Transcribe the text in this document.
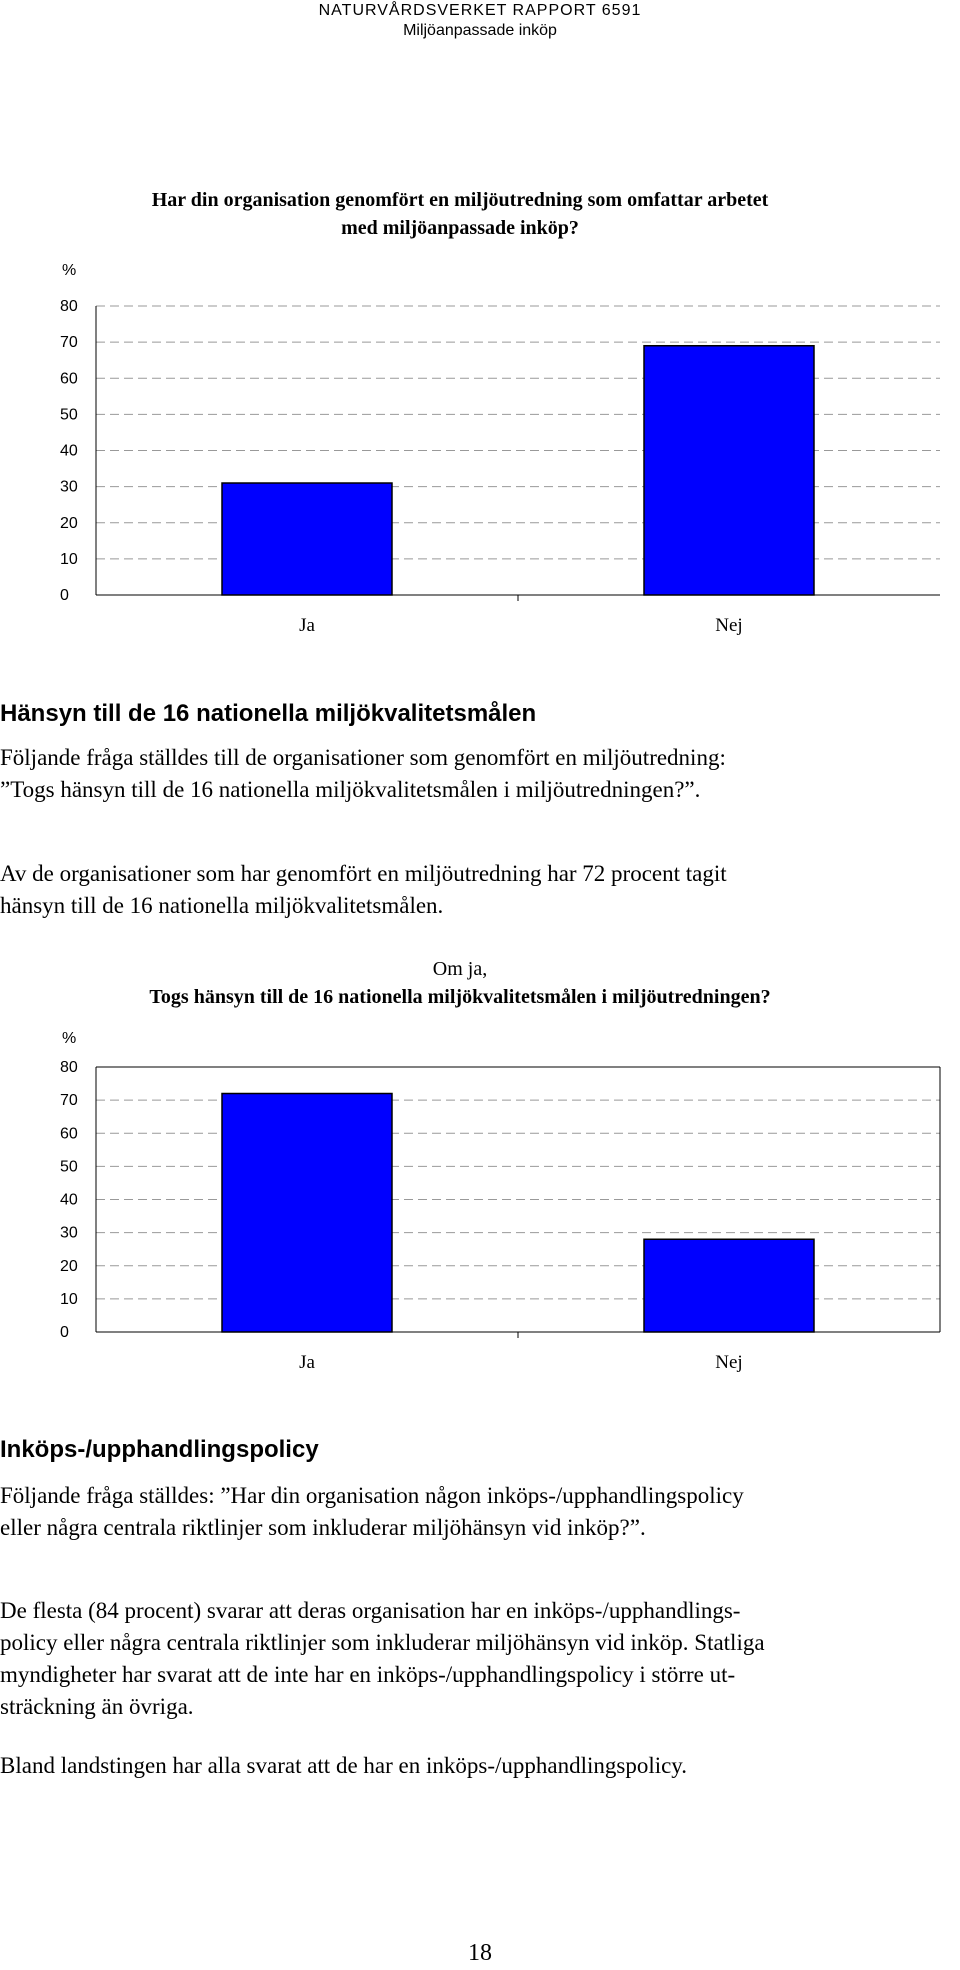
NATURVÅRDSVERKET RAPPORT 6591
Miljöanpassade inköp
Har din organisation genomfört en miljöutredning som omfattar arbetet
med miljöanpassade inköp?
%
80
70
60
50
40
30
20
10
0
Ja	Nej
Hänsyn till de 16 nationella miljökvalitetsmålen
Följande fråga ställdes till de organisationer som genomfört en miljöutredning:
”Togs hänsyn till de 16 nationella miljökvalitetsmålen i miljöutredningen?”.
Av de organisationer som har genomfört en miljöutredning har 72 procent tagit
hänsyn till de 16 nationella miljökvalitetsmålen.
Om ja,
Togs hänsyn till de 16 nationella miljökvalitetsmålen i miljöutredningen?
%
80
70
60
50
40
30
20
10
0
Ja	Nej
Inköps-/upphandlingspolicy
Följande fråga ställdes: ”Har din organisation någon inköps-/upphandlingspolicy
eller några centrala riktlinjer som inkluderar miljöhänsyn vid inköp?”.
De flesta (84 procent) svarar att deras organisation har en inköps-/upphandlings-
policy eller några centrala riktlinjer som inkluderar miljöhänsyn vid inköp. Statliga
myndigheter har svarat att de inte har en inköps-/upphandlingspolicy i större ut-
sträckning än övriga.
Bland landstingen har alla svarat att de har en inköps-/upphandlingspolicy.
18
